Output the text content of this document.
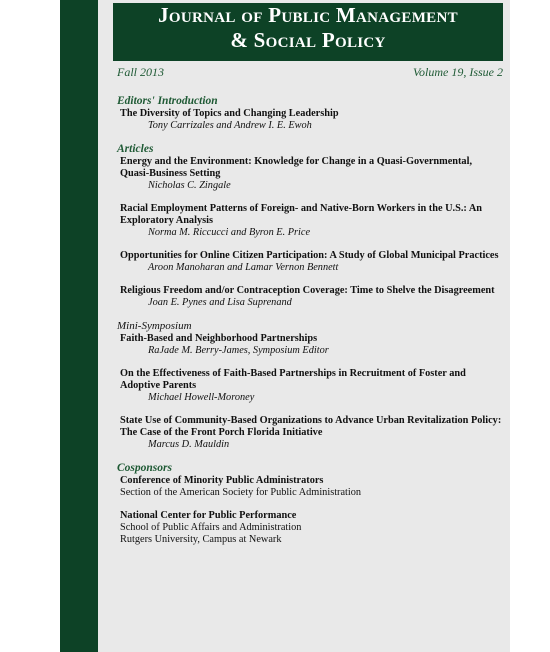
Journal of Public Management
& Social Policy
Fall 2013	Volume 19, Issue 2
Editors' Introduction
The Diversity of Topics and Changing Leadership
Tony Carrizales and Andrew I. E. Ewoh
Articles
Energy and the Environment: Knowledge for Change in a Quasi-Governmental, Quasi-Business Setting
Nicholas C. Zingale
Racial Employment Patterns of Foreign- and Native-Born Workers in the U.S.: An Exploratory Analysis
Norma M. Riccucci and Byron E. Price
Opportunities for Online Citizen Participation: A Study of Global Municipal Practices
Aroon Manoharan and Lamar Vernon Bennett
Religious Freedom and/or Contraception Coverage: Time to Shelve the Disagreement
Joan E. Pynes and Lisa Suprenand
Mini-Symposium
Faith-Based and Neighborhood Partnerships
RaJade M. Berry-James, Symposium Editor
On the Effectiveness of Faith-Based Partnerships in Recruitment of Foster and Adoptive Parents
Michael Howell-Moroney
State Use of Community-Based Organizations to Advance Urban Revitalization Policy: The Case of the Front Porch Florida Initiative
Marcus D. Mauldin
Cosponsors
Conference of Minority Public Administrators
Section of the American Society for Public Administration
National Center for Public Performance
School of Public Affairs and Administration
Rutgers University, Campus at Newark
